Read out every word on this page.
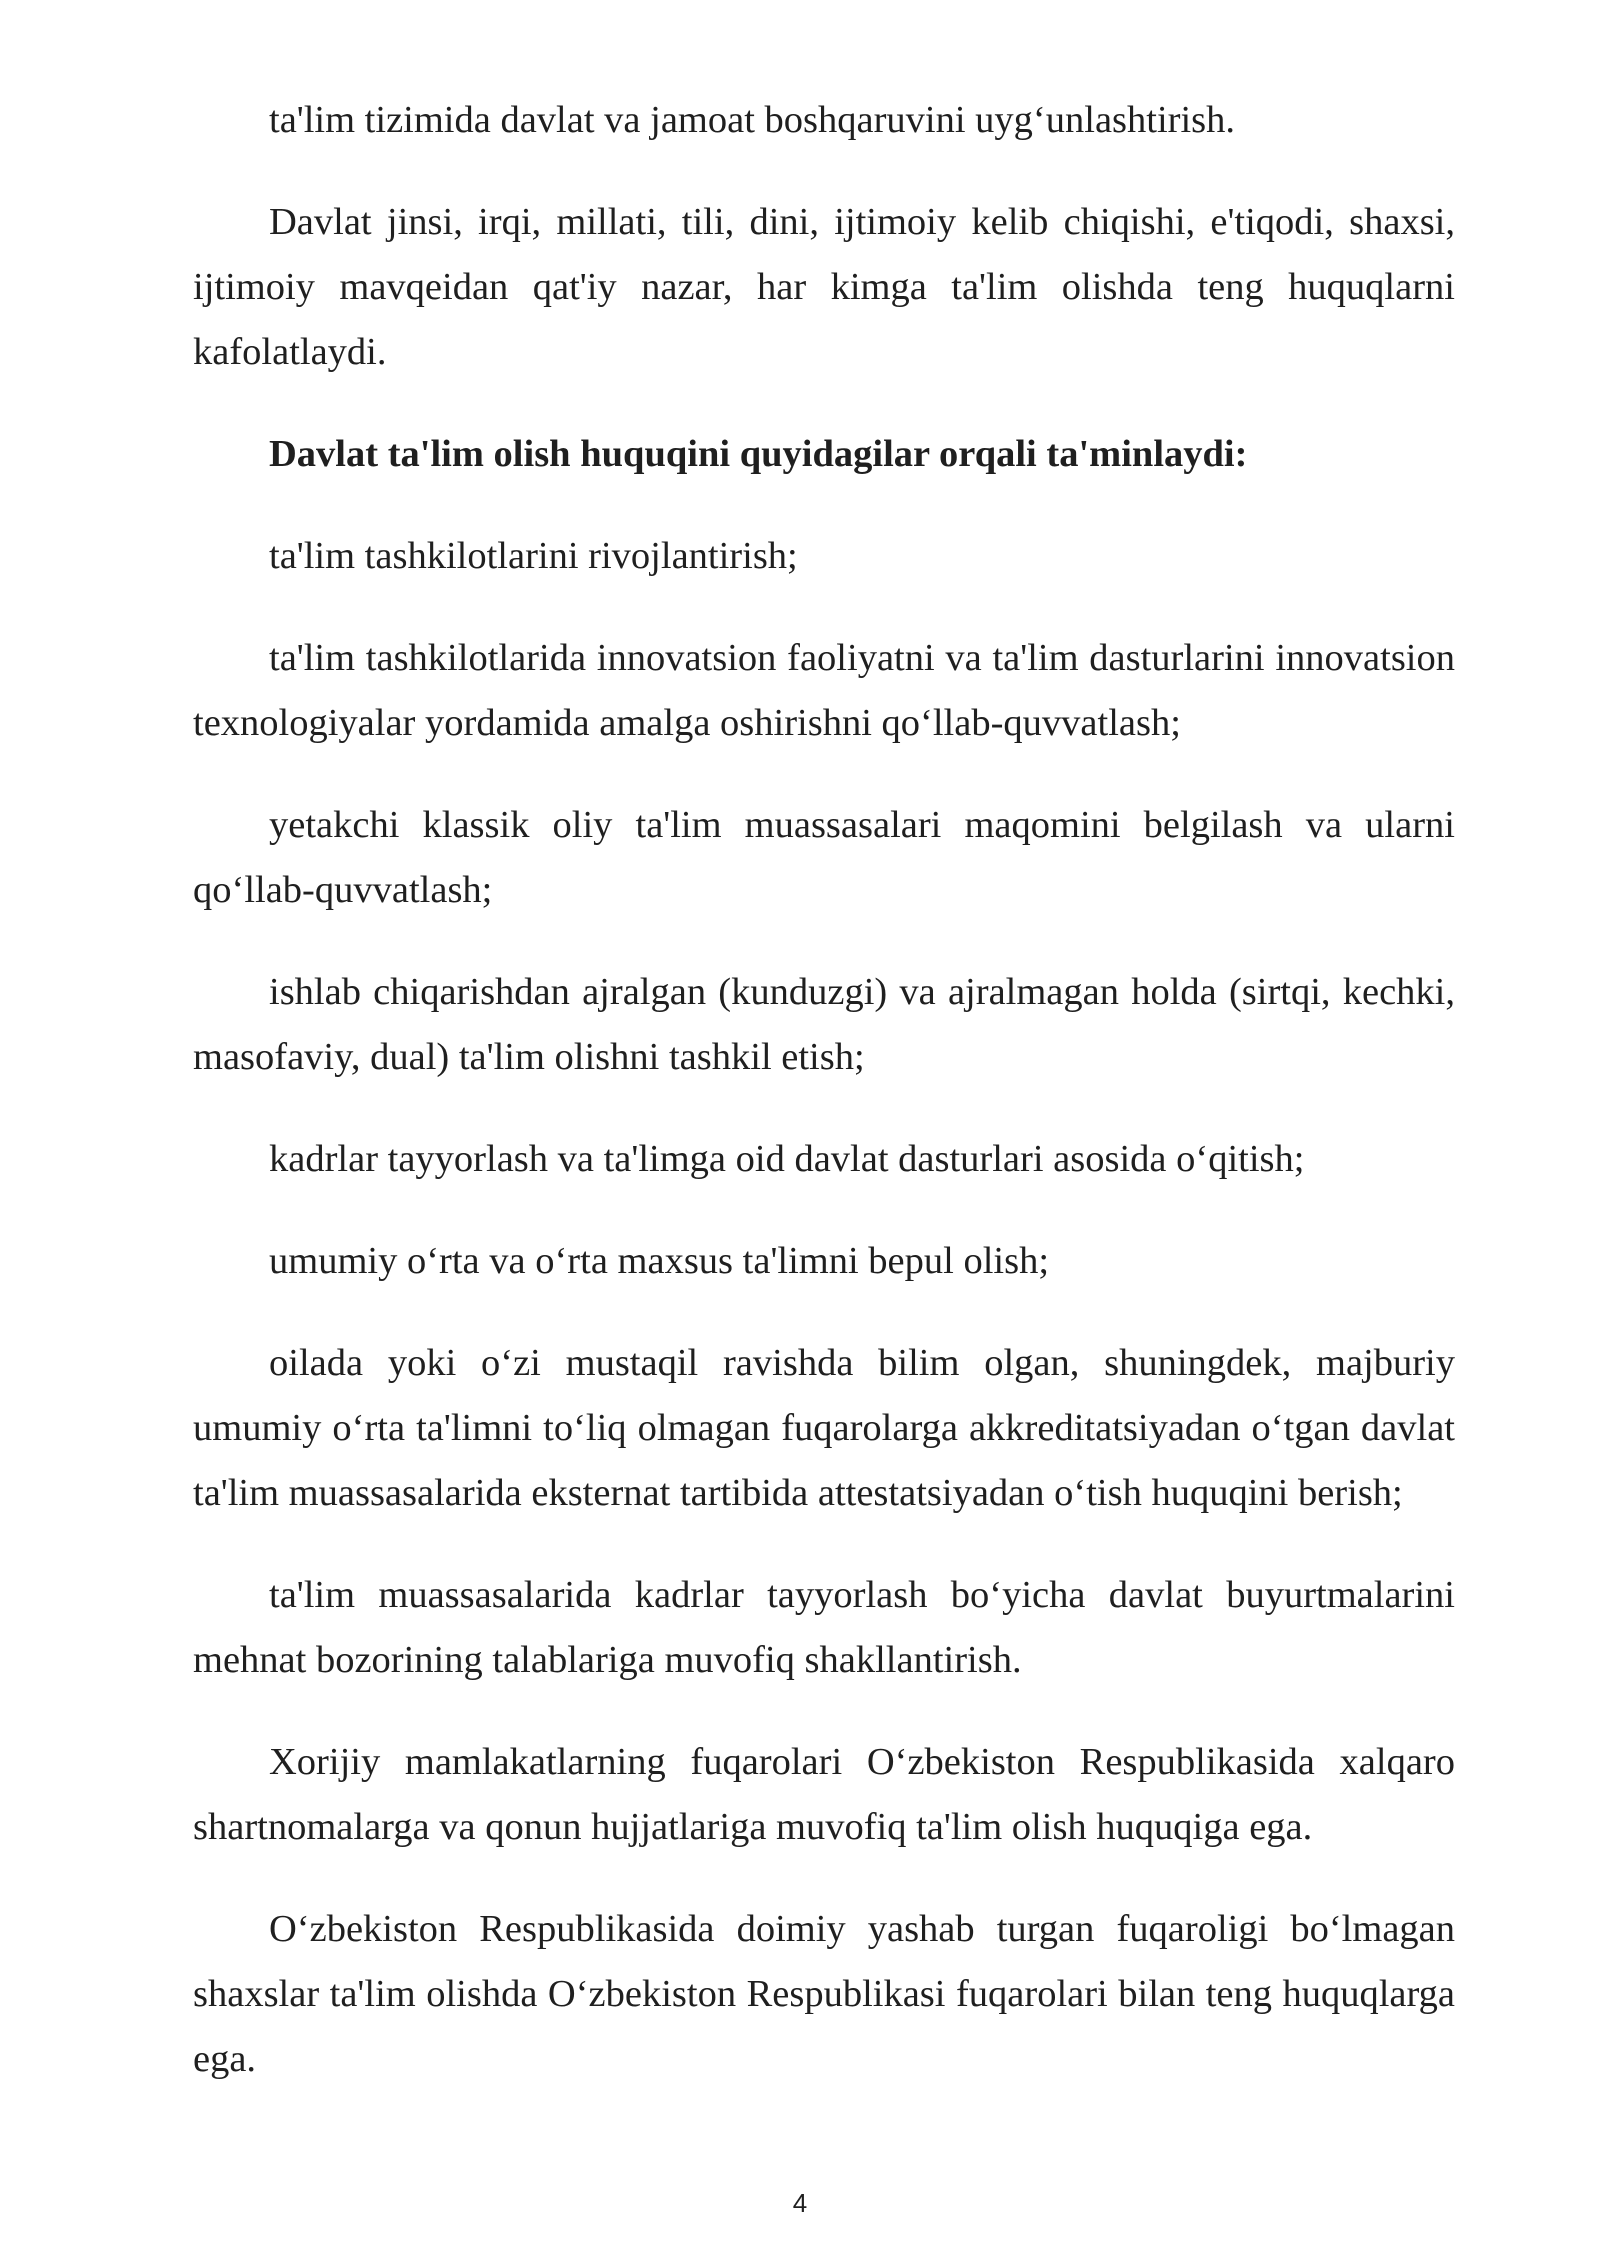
ta'lim tizimida davlat va jamoat boshqaruvini uyg‘unlashtirish.

Davlat jinsi, irqi, millati, tili, dini, ijtimoiy kelib chiqishi, e'tiqodi, shaxsi, ijtimoiy mavqeidan qat'iy nazar, har kimga ta'lim olishda teng huquqlarni kafolatlaydi.

Davlat ta'lim olish huquqini quyidagilar orqali ta'minlaydi:

ta'lim tashkilotlarini rivojlantirish;

ta'lim tashkilotlarida innovatsion faoliyatni va ta'lim dasturlarini innovatsion texnologiyalar yordamida amalga oshirishni qo‘llab-quvvatlash;

yetakchi klassik oliy ta'lim muassasalari maqomini belgilash va ularni qo‘llab-quvvatlash;

ishlab chiqarishdan ajralgan (kunduzgi) va ajralmagan holda (sirtqi, kechki, masofaviy, dual) ta'lim olishni tashkil etish;

kadrlar tayyorlash va ta'limga oid davlat dasturlari asosida o‘qitish;

umumiy o‘rta va o‘rta maxsus ta'limni bepul olish;

oilada yoki o‘zi mustaqil ravishda bilim olgan, shuningdek, majburiy umumiy o‘rta ta'limni to‘liq olmagan fuqarolarga akkreditatsiyadan o‘tgan davlat ta'lim muassasalarida eksternat tartibida attestatsiyadan o‘tish huquqini berish;

ta'lim muassasalarida kadrlar tayyorlash bo‘yicha davlat buyurtmalarini mehnat bozorining talablariga muvofiq shakllantirish.

Xorijiy mamlakatlarning fuqarolari O‘zbekiston Respublikasida xalqaro shartnomalarga va qonun hujjatlariga muvofiq ta'lim olish huquqiga ega.

O‘zbekiston Respublikasida doimiy yashab turgan fuqaroligi bo‘lmagan shaxslar ta'lim olishda O‘zbekiston Respublikasi fuqarolari bilan teng huquqlarga ega.

4
